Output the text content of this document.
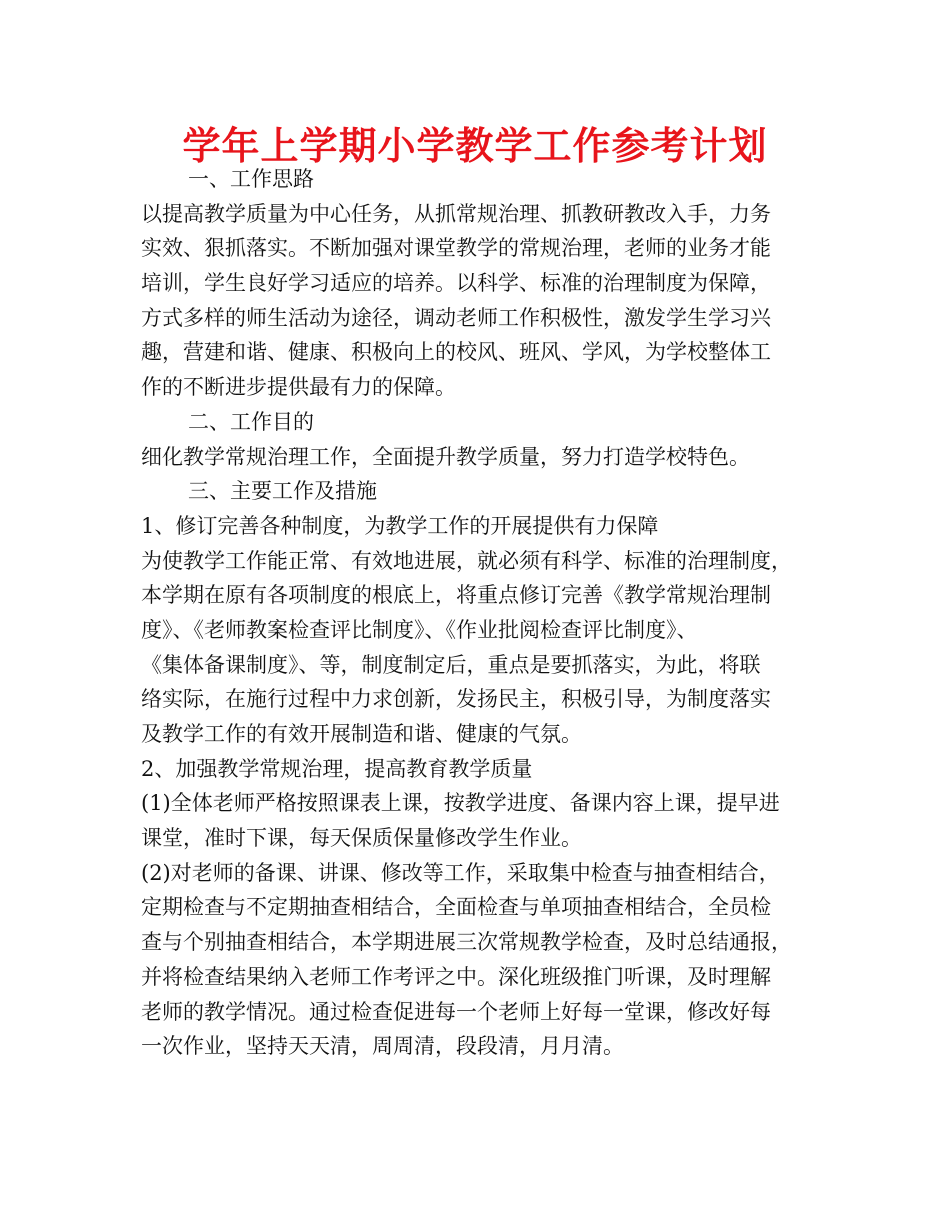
学年上学期小学教学工作参考计划
一、工作思路
以提高教学质量为中心任务，从抓常规治理、抓教研教改入手，力务
实效、狠抓落实。不断加强对课堂教学的常规治理，老师的业务才能
培训，学生良好学习适应的培养。以科学、标准的治理制度为保障，
方式多样的师生活动为途径，调动老师工作积极性，激发学生学习兴
趣，营建和谐、健康、积极向上的校风、班风、学风，为学校整体工
作的不断进步提供最有力的保障。
二、工作目的
细化教学常规治理工作，全面提升教学质量，努力打造学校特色。
三、主要工作及措施
1、修订完善各种制度，为教学工作的开展提供有力保障
为使教学工作能正常、有效地进展，就必须有科学、标准的治理制度，
本学期在原有各项制度的根底上，将重点修订完善《教学常规治理制
度》、《老师教案检查评比制度》、《作业批阅检查评比制度》、
《集体备课制度》、等，制度制定后，重点是要抓落实，为此，将联
络实际，在施行过程中力求创新，发扬民主，积极引导，为制度落实
及教学工作的有效开展制造和谐、健康的气氛。
2、加强教学常规治理，提高教育教学质量
(1)全体老师严格按照课表上课，按教学进度、备课内容上课，提早进
课堂，准时下课，每天保质保量修改学生作业。
(2)对老师的备课、讲课、修改等工作，采取集中检查与抽查相结合，
定期检查与不定期抽查相结合，全面检查与单项抽查相结合，全员检
查与个别抽查相结合，本学期进展三次常规教学检查，及时总结通报，
并将检查结果纳入老师工作考评之中。深化班级推门听课，及时理解
老师的教学情况。通过检查促进每一个老师上好每一堂课，修改好每
一次作业，坚持天天清，周周清，段段清，月月清。
